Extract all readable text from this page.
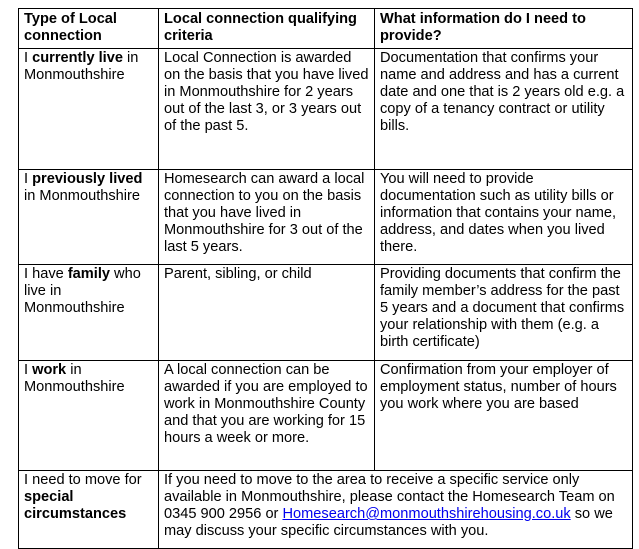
Type of Local connection	Local connection qualifying criteria	What information do I need to provide?
I currently live in Monmouthshire	Local Connection is awarded on the basis that you have lived in Monmouthshire for 2 years out of the last 3, or 3 years out of the past 5.	Documentation that confirms your name and address and has a current date and one that is 2 years old e.g. a copy of a tenancy contract or utility bills.
I previously lived in Monmouthshire	Homesearch can award a local connection to you on the basis that you have lived in Monmouthshire for 3 out of the last 5 years.	You will need to provide documentation such as utility bills or information that contains your name, address, and dates when you lived there.
I have family who live in Monmouthshire	Parent, sibling, or child	Providing documents that confirm the family member’s address for the past 5 years and a document that confirms your relationship with them (e.g. a birth certificate)
I work in Monmouthshire	A local connection can be awarded if you are employed to work in Monmouthshire County and that you are working for 15 hours a week or more.	Confirmation from your employer of employment status, number of hours you work where you are based
I need to move for special circumstances	If you need to move to the area to receive a specific service only available in Monmouthshire, please contact the Homesearch Team on 0345 900 2956 or Homesearch@monmouthshirehousing.co.uk so we may discuss your specific circumstances with you.	
